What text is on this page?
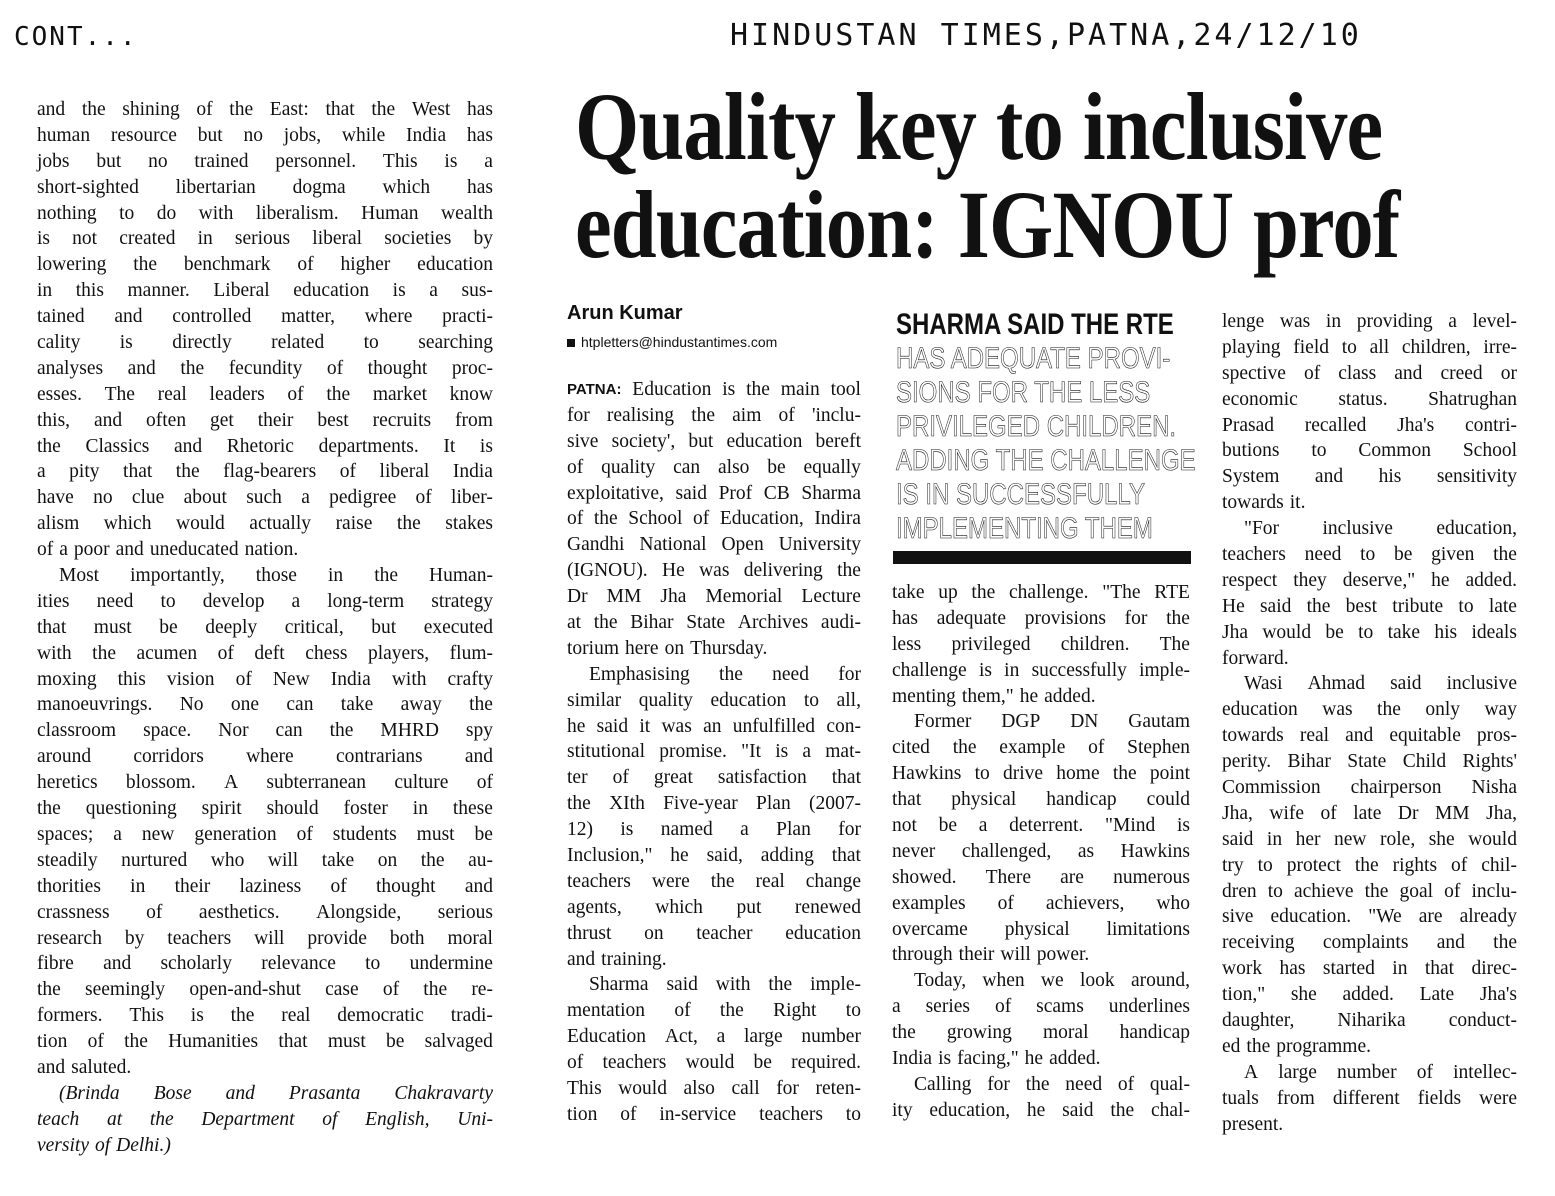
CONT...	HINDUSTAN TIMES,PATNA,24/12/10
and the shining of the East: that the West has
human resource but no jobs, while India has
jobs but no trained personnel. This is a
short-sighted libertarian dogma which has
nothing to do with liberalism. Human wealth
is not created in serious liberal societies by
lowering the benchmark of higher education
in this manner. Liberal education is a sus-
tained and controlled matter, where practi-
cality is directly related to searching
analyses and the fecundity of thought proc-
esses. The real leaders of the market know
this, and often get their best recruits from
the Classics and Rhetoric departments. It is
a pity that the flag-bearers of liberal India
have no clue about such a pedigree of liber-
alism which would actually raise the stakes
of a poor and uneducated nation.
Most importantly, those in the Human-
ities need to develop a long-term strategy
that must be deeply critical, but executed
with the acumen of deft chess players, flum-
moxing this vision of New India with crafty
manoeuvrings. No one can take away the
classroom space. Nor can the MHRD spy
around corridors where contrarians and
heretics blossom. A subterranean culture of
the questioning spirit should foster in these
spaces; a new generation of students must be
steadily nurtured who will take on the au-
thorities in their laziness of thought and
crassness of aesthetics. Alongside, serious
research by teachers will provide both moral
fibre and scholarly relevance to undermine
the seemingly open-and-shut case of the re-
formers. This is the real democratic tradi-
tion of the Humanities that must be salvaged
and saluted.
(Brinda Bose and Prasanta Chakravarty
teach at the Department of English, Uni-
versity of Delhi.)
Quality key to inclusive
education: IGNOU prof
Arun Kumar
htpletters@hindustantimes.com
SHARMA SAID THE RTE
HAS ADEQUATE PROVI-
SIONS FOR THE LESS
PRIVILEGED CHILDREN.
ADDING THE CHALLENGE
IS IN SUCCESSFULLY
IMPLEMENTING THEM
PATNA: Education is the main tool
for realising the aim of 'inclu-
sive society', but education bereft
of quality can also be equally
exploitative, said Prof CB Sharma
of the School of Education, Indira
Gandhi National Open University
(IGNOU). He was delivering the
Dr MM Jha Memorial Lecture
at the Bihar State Archives audi-
torium here on Thursday.
Emphasising the need for
similar quality education to all,
he said it was an unfulfilled con-
stitutional promise. "It is a mat-
ter of great satisfaction that
the XIth Five-year Plan (2007-
12) is named a Plan for
Inclusion," he said, adding that
teachers were the real change
agents, which put renewed
thrust on teacher education
and training.
Sharma said with the imple-
mentation of the Right to
Education Act, a large number
of teachers would be required.
This would also call for reten-
tion of in-service teachers to
take up the challenge. "The RTE
has adequate provisions for the
less privileged children. The
challenge is in successfully imple-
menting them," he added.
Former DGP DN Gautam
cited the example of Stephen
Hawkins to drive home the point
that physical handicap could
not be a deterrent. "Mind is
never challenged, as Hawkins
showed. There are numerous
examples of achievers, who
overcame physical limitations
through their will power.
Today, when we look around,
a series of scams underlines
the growing moral handicap
India is facing," he added.
Calling for the need of qual-
ity education, he said the chal-
lenge was in providing a level-
playing field to all children, irre-
spective of class and creed or
economic status. Shatrughan
Prasad recalled Jha's contri-
butions to Common School
System and his sensitivity
towards it.
"For inclusive education,
teachers need to be given the
respect they deserve," he added.
He said the best tribute to late
Jha would be to take his ideals
forward.
Wasi Ahmad said inclusive
education was the only way
towards real and equitable pros-
perity. Bihar State Child Rights'
Commission chairperson Nisha
Jha, wife of late Dr MM Jha,
said in her new role, she would
try to protect the rights of chil-
dren to achieve the goal of inclu-
sive education. "We are already
receiving complaints and the
work has started in that direc-
tion," she added. Late Jha's
daughter, Niharika conduct-
ed the programme.
A large number of intellec-
tuals from different fields were
present.
